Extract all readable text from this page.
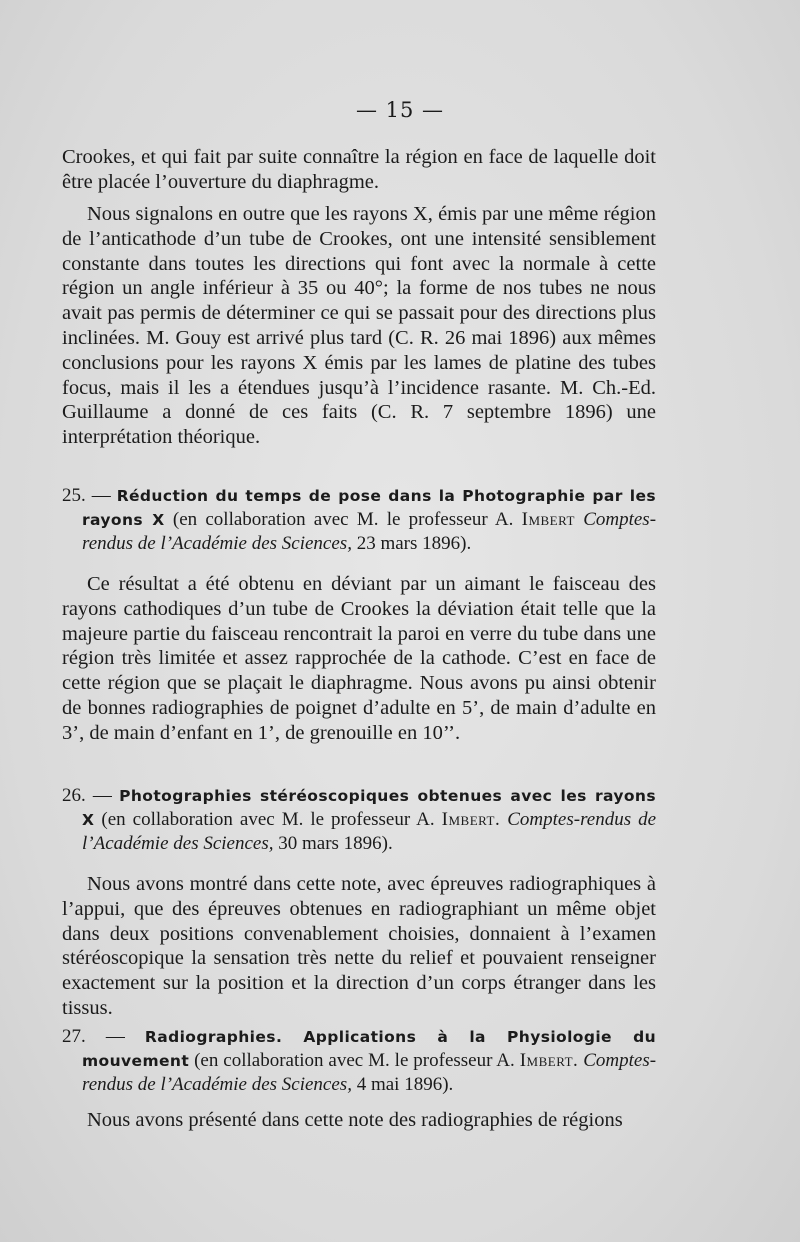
— 15 —

Crookes, et qui fait par suite connaître la région en face de laquelle doit être placée l’ouverture du diaphragme.

Nous signalons en outre que les rayons X, émis par une même région de l’anticathode d’un tube de Crookes, ont une intensité sensiblement constante dans toutes les directions qui font avec la normale à cette région un angle inférieur à 35 ou 40°; la forme de nos tubes ne nous avait pas permis de déterminer ce qui se passait pour des directions plus inclinées. M. Gouy est arrivé plus tard (C. R. 26 mai 1896) aux mêmes conclusions pour les rayons X émis par les lames de platine des tubes focus, mais il les a étendues jusqu’à l’incidence rasante. M. Ch.-Ed. Guillaume a donné de ces faits (C. R. 7 septembre 1896) une interprétation théorique.

25. — Réduction du temps de pose dans la Photographie par les rayons X (en collaboration avec M. le professeur A. Imbert Comptes-rendus de l’Académie des Sciences, 23 mars 1896).

Ce résultat a été obtenu en déviant par un aimant le faisceau des rayons cathodiques d’un tube de Crookes la déviation était telle que la majeure partie du faisceau rencontrait la paroi en verre du tube dans une région très limitée et assez rapprochée de la cathode. C’est en face de cette région que se plaçait le diaphragme. Nous avons pu ainsi obtenir de bonnes radiographies de poignet d’adulte en 5’, de main d’adulte en 3’, de main d’enfant en 1’, de grenouille en 10’’.

26. — Photographies stéréoscopiques obtenues avec les rayons X (en collaboration avec M. le professeur A. Imbert. Comptes-rendus de l’Académie des Sciences, 30 mars 1896).

Nous avons montré dans cette note, avec épreuves radiographiques à l’appui, que des épreuves obtenues en radiographiant un même objet dans deux positions convenablement choisies, donnaient à l’examen stéréoscopique la sensation très nette du relief et pouvaient renseigner exactement sur la position et la direction d’un corps étranger dans les tissus.

27. — Radiographies. Applications à la Physiologie du mouvement (en collaboration avec M. le professeur A. Imbert. Comptes-rendus de l’Académie des Sciences, 4 mai 1896).

Nous avons présenté dans cette note des radiographies de régions
